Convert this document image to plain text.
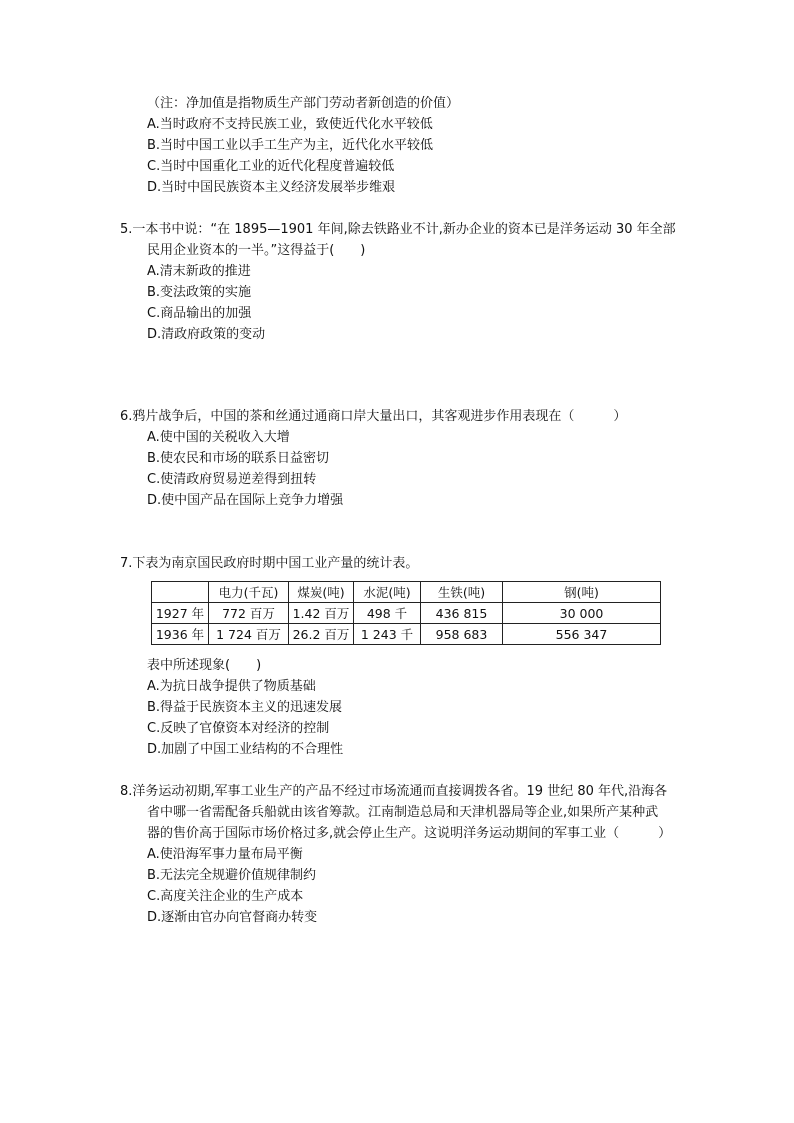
（注：净加值是指物质生产部门劳动者新创造的价值）
A.当时政府不支持民族工业，致使近代化水平较低
B.当时中国工业以手工生产为主，近代化水平较低
C.当时中国重化工业的近代化程度普遍较低
D.当时中国民族资本主义经济发展举步维艰
5.一本书中说：“在 1895—1901 年间,除去铁路业不计,新办企业的资本已是洋务运动 30 年全部
民用企业资本的一半。”这得益于(　　)
A.清末新政的推进
B.变法政策的实施
C.商品输出的加强
D.清政府政策的变动
6.鸦片战争后，中国的茶和丝通过通商口岸大量出口，其客观进步作用表现在（　　　）
A.使中国的关税收入大增
B.使农民和市场的联系日益密切
C.使清政府贸易逆差得到扭转
D.使中国产品在国际上竞争力增强
7.下表为南京国民政府时期中国工业产量的统计表。
	电力(千瓦)	煤炭(吨)	水泥(吨)	生铁(吨)	钢(吨)
1927 年	772 百万	1.42 百万	498 千	436 815	30 000
1936 年	1 724 百万	26.2 百万	1 243 千	958 683	556 347
表中所述现象(　　)
A.为抗日战争提供了物质基础
B.得益于民族资本主义的迅速发展
C.反映了官僚资本对经济的控制
D.加剧了中国工业结构的不合理性
8.洋务运动初期,军事工业生产的产品不经过市场流通而直接调拨各省。19 世纪 80 年代,沿海各
省中哪一省需配备兵船就由该省筹款。江南制造总局和天津机器局等企业,如果所产某种武
器的售价高于国际市场价格过多,就会停止生产。这说明洋务运动期间的军事工业（　　　）
A.使沿海军事力量布局平衡
B.无法完全规避价值规律制约
C.高度关注企业的生产成本
D.逐渐由官办向官督商办转变
